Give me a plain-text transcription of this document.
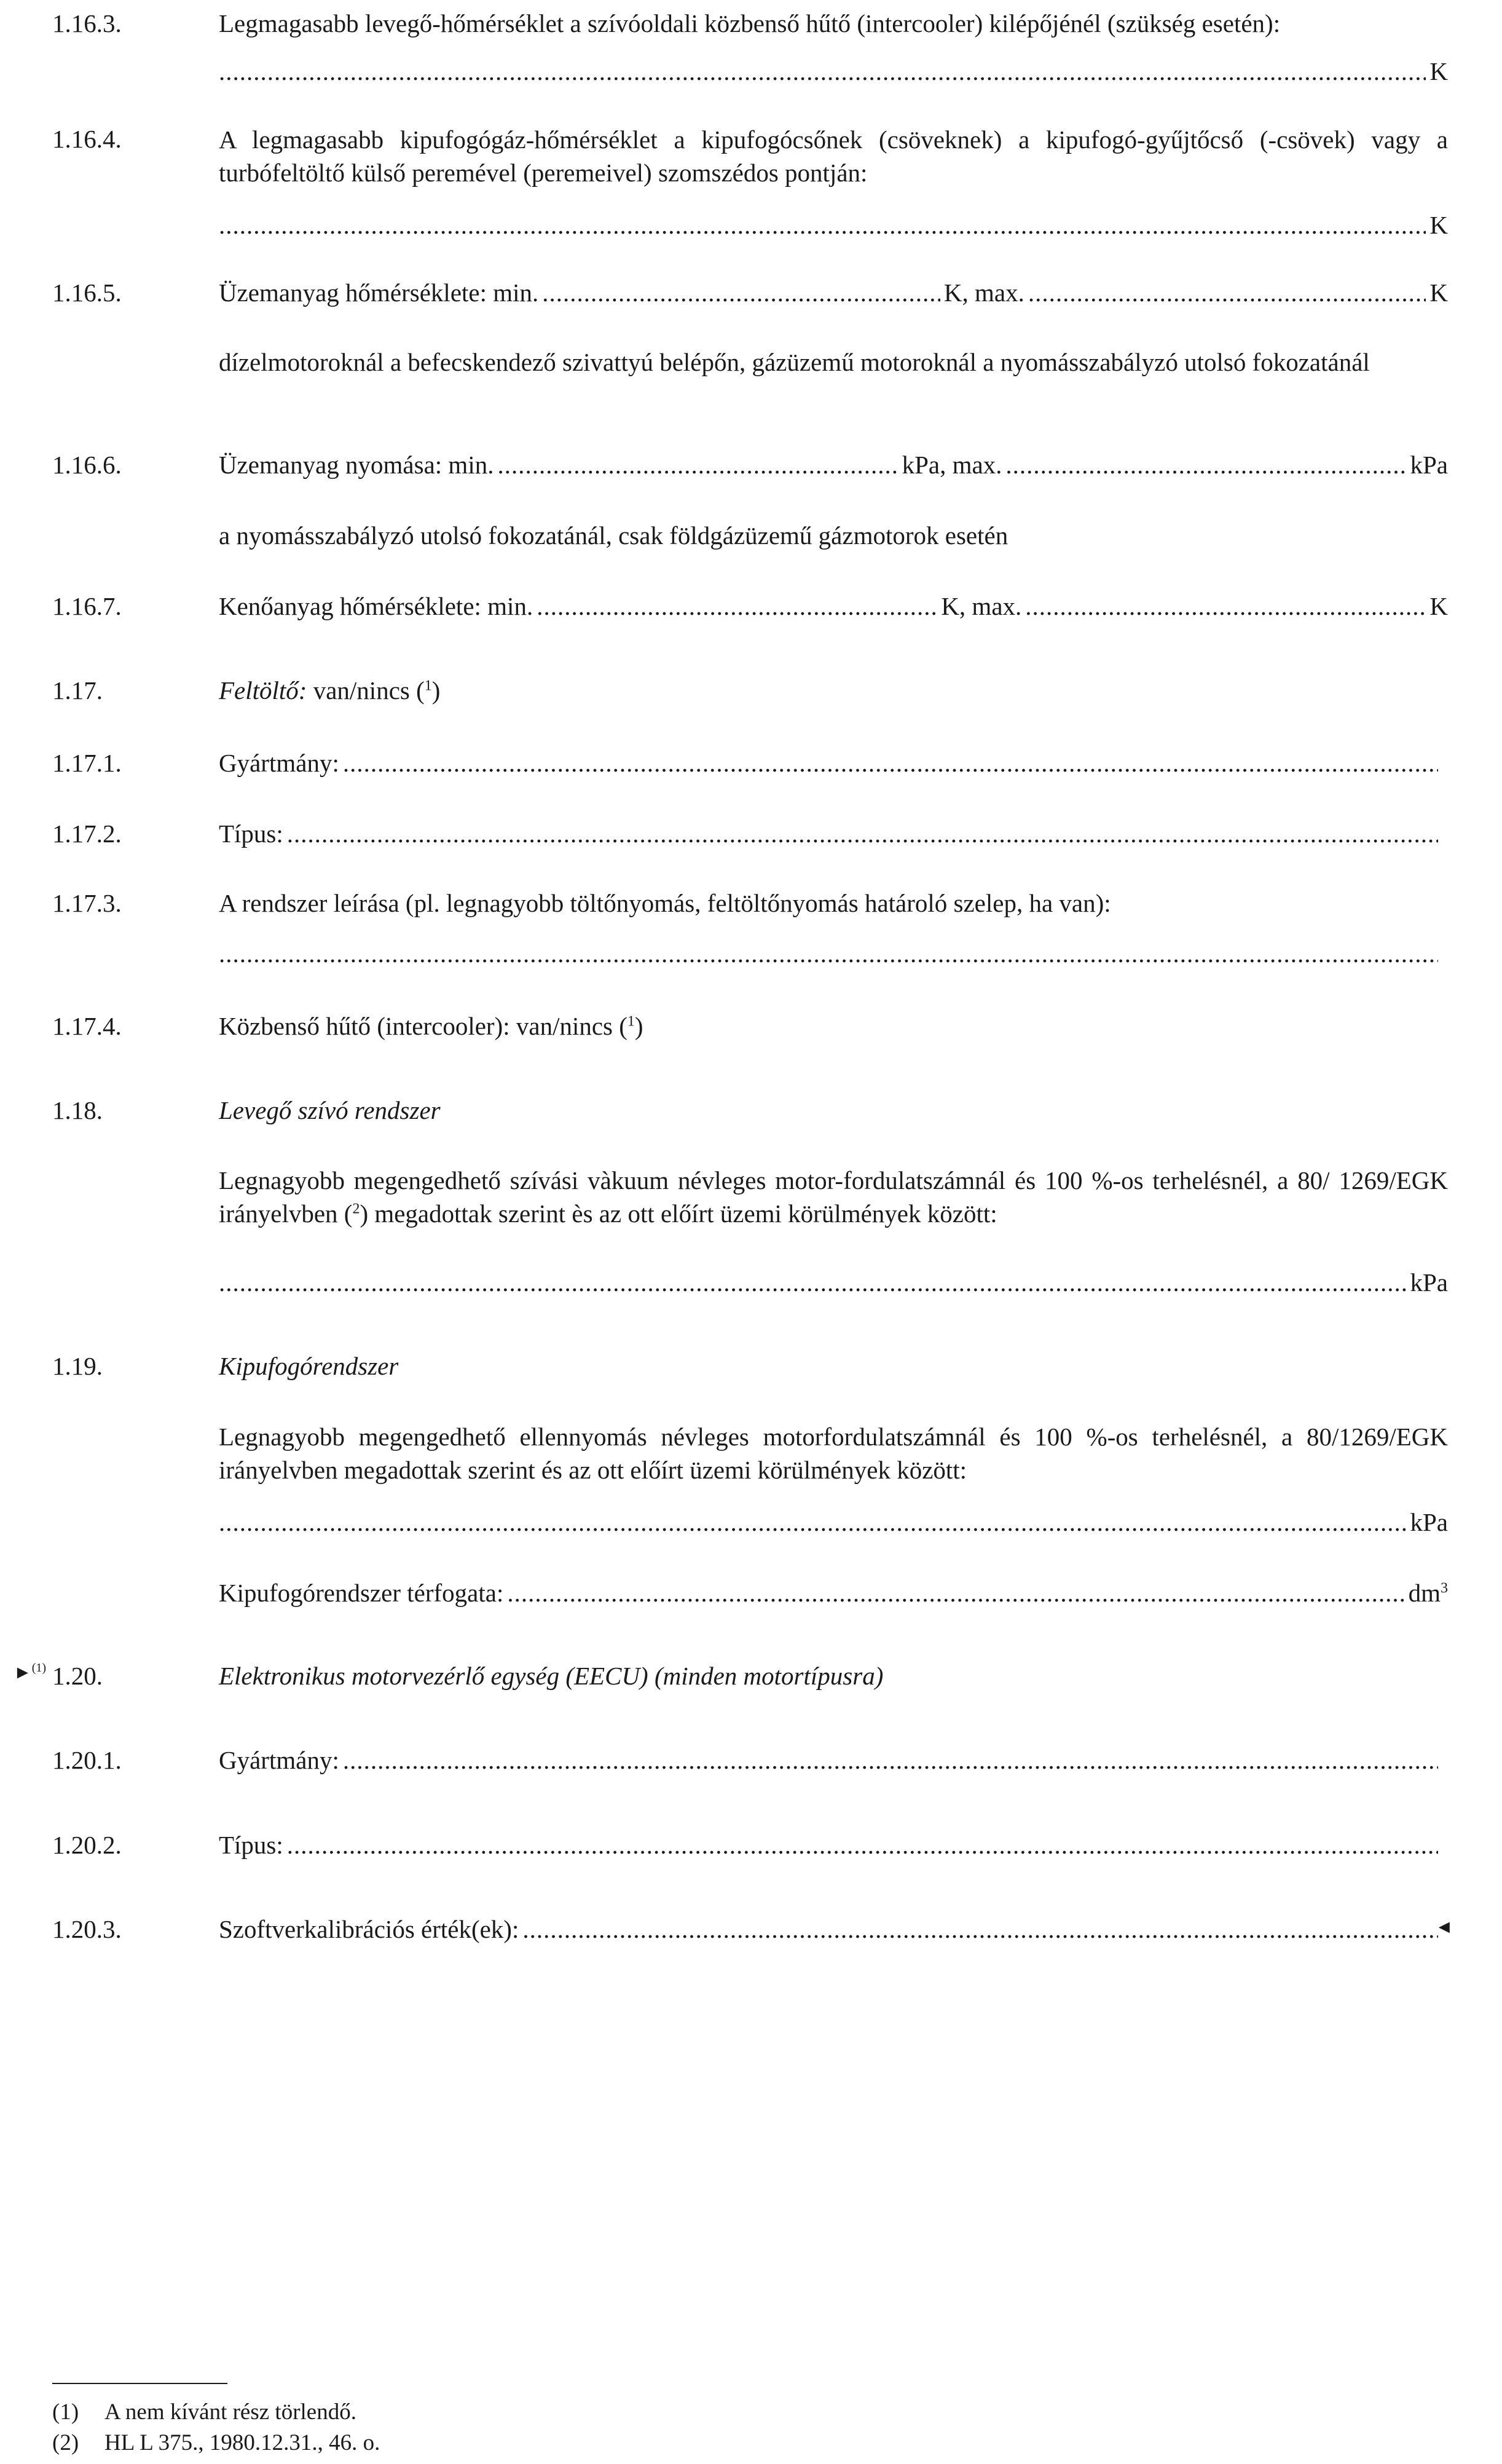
1.16.3.	Legmagasabb levegő-hőmérséklet a szívóoldali közbenső hűtő (intercooler) kilépőjénél (szükség esetén):
.....
K
1.16.4.	A legmagasabb kipufogógáz-hőmérséklet a kipufogócsőnek (csöveknek) a kipufogó-gyűjtőcső (-csövek) vagy a turbófeltöltő külső peremével (peremeivel) szomszédos pontján:
.....
K
1.16.5.	Üzemanyag hőmérséklete: min. .....	K, max. .....	K
dízelmotoroknál a befecskendező szivattyú belépőn, gázüzemű motoroknál a nyomásszabályzó utolsó fokozatánál
1.16.6.	Üzemanyag nyomása: min. .....	kPa, max. .....	kPa
a nyomásszabályzó utolsó fokozatánál, csak földgázüzemű gázmotorok esetén
1.16.7.	Kenőanyag hőmérséklete: min. .....	K, max. .....	K
1.17.	Feltöltő: van/nincs ($^1$)
1.17.1.	Gyártmány:
.....
1.17.2.	Típus:
.....
1.17.3.	A rendszer leírása (pl. legnagyobb töltőnyomás, feltöltőnyomás határoló szelep, ha van):
.....
1.17.4.	Közbenső hűtő (intercooler): van/nincs ($^1$)
1.18.	Levegő szívó rendszer
Legnagyobb megengedhető szívási vàkuum névleges motor-fordulatszámnál és 100 %-os terhelésnél, a 80/ 1269/EGK irányelvben ($^2$) megadottak szerint ès az ott előírt üzemi körülmények között:
.....
kPa
1.19.	Kipufogórendszer
Legnagyobb megengedhető ellennyomás névleges motorfordulatszámnál és 100 %-os terhelésnél, a 80/1269/EGK irányelvben megadottak szerint és az ott előírt üzemi körülmények között:
.....
kPa
Kipufogórendszer térfogata: .....	$dm^3$
►$^{(1)}$ 1.20.	Elektronikus motorvezérlő egység (EECU) (minden motortípusra)
1.20.1.	Gyártmány:
.....
1.20.2.	Típus:
.....
1.20.3.	Szoftverkalibrációs érték(ek): .....	◄
(1) A nem kívánt rész törlendő.
(2) HL L 375., 1980.12.31., 46. o.
